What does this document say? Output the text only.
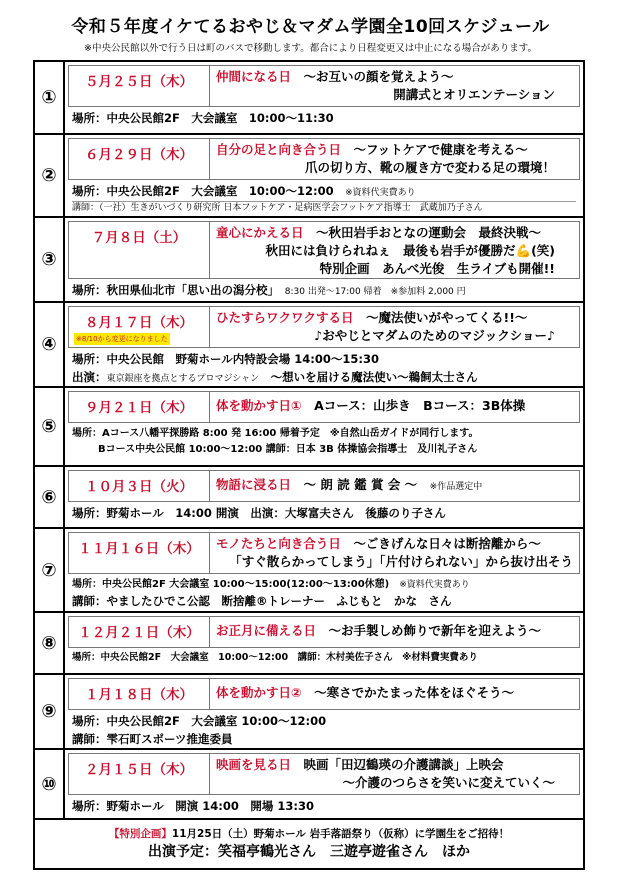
令和５年度イケてるおやじ＆マダム学園全10回スケジュール
※中央公民館以外で行う日は町のバスで移動します。都合により日程変更又は中止になる場合があります。
①
５月２５日（木）	仲間になる日　 ～お互いの顔を覚えよう～
開講式とオリエンテーション
場所：中央公民館2F　大会議室　10:00～11:30
②
６月２９日（木）	自分の足と向き合う日　 ～フットケアで健康を考える～
爪の切り方、靴の履き方で変わる足の環境！
場所：中央公民館2F　大会議室　10:00～12:00　 ※資料代実費あり
講師：（一社）生きがいづくり研究所 日本フットケア・足病医学会フットケア指導士　武蔵加乃子さん
③
７月８日（土）	童心にかえる日　 ～秋田岩手おとなの運動会　最終決戦～
秋田には負けられねぇ　最後も岩手が優勝だ💪(笑)
特別企画　あんべ光俊　生ライブも開催!!
場所：秋田県仙北市「思い出の潟分校」　 8:30 出発～17:00 帰着　※参加料 2,000 円
④
８月１７日（木）
※8/10から変更になりました
ひたすらワクワクする日　 ～魔法使いがやってくる!!～
♪おやじとマダムのためのマジックショー♪
場所：中央公民館　野菊ホール内特設会場 14:00～15:30
出演：東京銀座を拠点とするプロマジシャン　 ～想いを届ける魔法使い～鵜飼太士さん
⑤
９月２１日（木）	体を動かす日①　 Aコース：山歩き　Bコース：3B体操
場所：Aコース八幡平探勝路 8:00 発 16:00 帰着予定　※自然山岳ガイドが同行します。
Bコース中央公民館 10:00～12:00 講師：日本 3B 体操協会指導士　及川礼子さん
⑥	１０月３日（火）	物語に浸る日　 ～ 朗 読 鑑 賞 会 ～　 ※作品選定中
場所：野菊ホール　14:00 開演　出演：大塚富夫さん　後藤のり子さん
⑦
１１月１６日（木）	モノたちと向き合う日　 ～ごきげんな日々は断捨離から～
「すぐ散らかってしまう」「片付けられない」から抜け出そう
場所：中央公民館2F 大会議室 10:00～15:00(12:00～13:00休憩)　 ※資料代実費あり
講師：やましたひでこ公認　断捨離®トレーナー　ふじもと　かな　さん
⑧	１２月２１日（木）	お正月に備える日　 ～お手製しめ飾りで新年を迎えよう～
場所：中央公民館2F　大会議室　10:00～12:00　講師：木村美佐子さん　※材料費実費あり
⑨
１月１８日（木）	体を動かす日②　 ～寒さでかたまった体をほぐそう～
場所：中央公民館2F　大会議室 10:00～12:00
講師：雫石町スポーツ推進委員
⑩
２月１５日（木）	映画を見る日　 映画「田辺鶴瑛の介護講談」上映会
～介護のつらさを笑いに変えていく～
場所：野菊ホール　開演 14:00　開場 13:30
【特別企画】11月25日（土）野菊ホール 岩手落語祭り（仮称）に学園生をご招待！
出演予定：笑福亭鶴光さん　三遊亭遊雀さん　ほか
